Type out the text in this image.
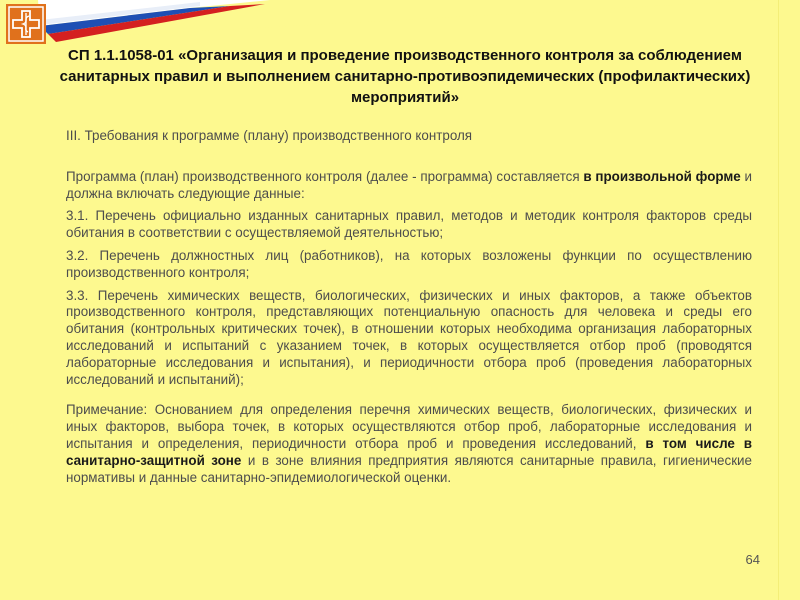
СП 1.1.1058-01 «Организация и проведение производственного контроля за соблюдением санитарных правил и выполнением санитарно-противоэпидемических (профилактических) мероприятий»

III. Требования к программе (плану) производственного контроля

Программа (план) производственного контроля (далее - программа) составляется в произвольной форме и должна включать следующие данные:

3.1. Перечень официально изданных санитарных правил, методов и методик контроля факторов среды обитания в соответствии с осуществляемой деятельностью;

3.2. Перечень должностных лиц (работников), на которых возложены функции по осуществлению производственного контроля;

3.3. Перечень химических веществ, биологических, физических и иных факторов, а также объектов производственного контроля, представляющих потенциальную опасность для человека и среды его обитания (контрольных критических точек), в отношении которых необходима организация лабораторных исследований и испытаний с указанием точек, в которых осуществляется отбор проб (проводятся лабораторные исследования и испытания), и периодичности отбора проб (проведения лабораторных исследований и испытаний);

Примечание: Основанием для определения перечня химических веществ, биологических, физических и иных факторов, выбора точек, в которых осуществляются отбор проб, лабораторные исследования и испытания и определения, периодичности отбора проб и проведения исследований, в том числе в санитарно-защитной зоне и в зоне влияния предприятия являются санитарные правила, гигиенические нормативы и данные санитарно-эпидемиологической оценки.

64
